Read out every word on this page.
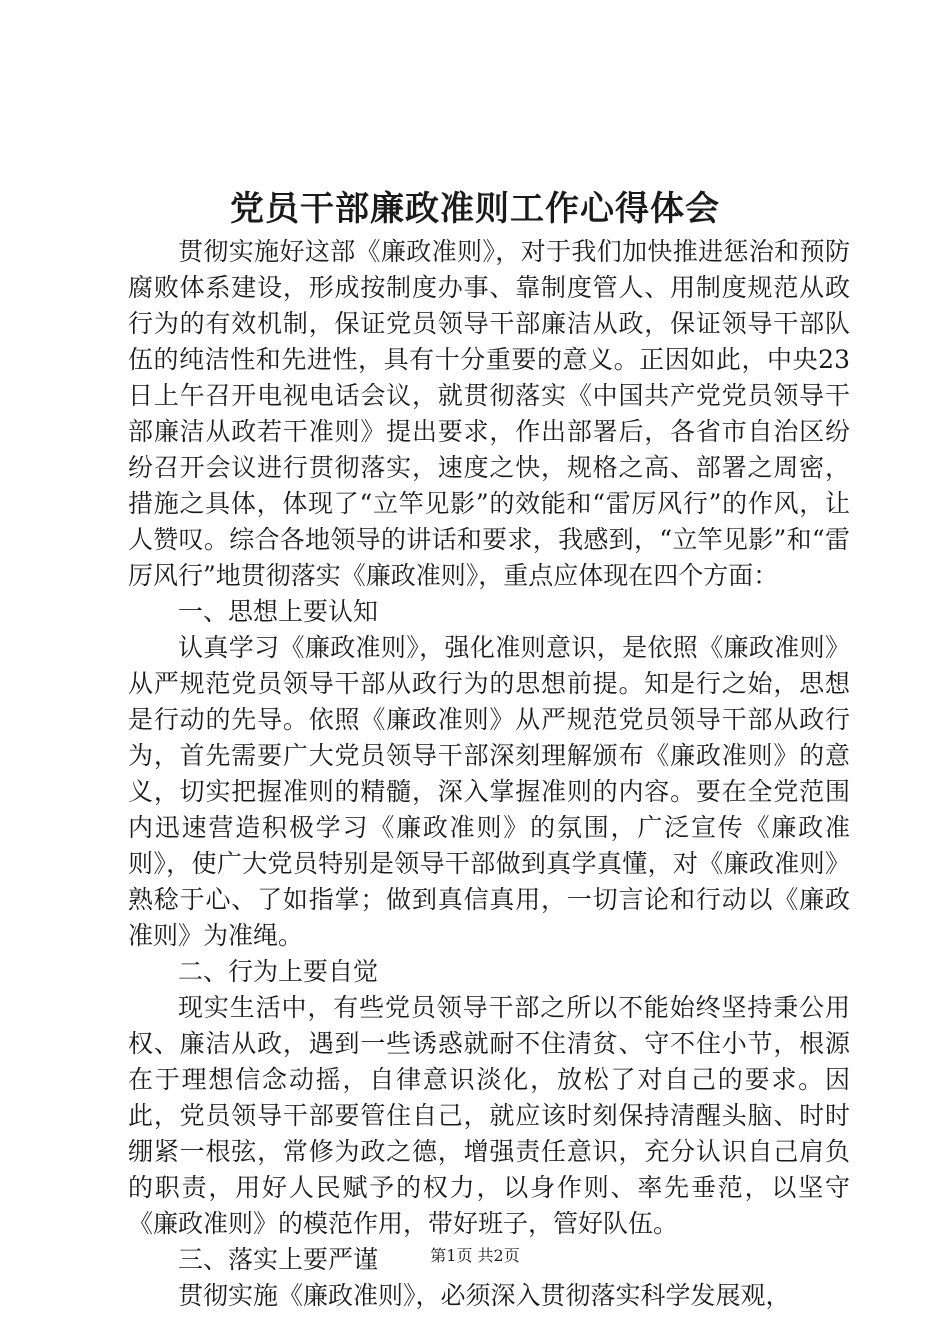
党员干部廉政准则工作心得体会

贯彻实施好这部《廉政准则》，对于我们加快推进惩治和预防腐败体系建设，形成按制度办事、靠制度管人、用制度规范从政行为的有效机制，保证党员领导干部廉洁从政，保证领导干部队伍的纯洁性和先进性，具有十分重要的意义。正因如此，中央23日上午召开电视电话会议，就贯彻落实《中国共产党党员领导干部廉洁从政若干准则》提出要求，作出部署后，各省市自治区纷纷召开会议进行贯彻落实，速度之快，规格之高、部署之周密，措施之具体，体现了“立竿见影”的效能和“雷厉风行”的作风，让人赞叹。综合各地领导的讲话和要求，我感到，“立竿见影”和“雷厉风行”地贯彻落实《廉政准则》，重点应体现在四个方面：

一、思想上要认知

认真学习《廉政准则》，强化准则意识，是依照《廉政准则》从严规范党员领导干部从政行为的思想前提。知是行之始，思想是行动的先导。依照《廉政准则》从严规范党员领导干部从政行为，首先需要广大党员领导干部深刻理解颁布《廉政准则》的意义，切实把握准则的精髓，深入掌握准则的内容。要在全党范围内迅速营造积极学习《廉政准则》的氛围，广泛宣传《廉政准则》，使广大党员特别是领导干部做到真学真懂，对《廉政准则》熟稔于心、了如指掌；做到真信真用，一切言论和行动以《廉政准则》为准绳。

二、行为上要自觉

现实生活中，有些党员领导干部之所以不能始终坚持秉公用权、廉洁从政，遇到一些诱惑就耐不住清贫、守不住小节，根源在于理想信念动摇，自律意识淡化，放松了对自己的要求。因此，党员领导干部要管住自己，就应该时刻保持清醒头脑、时时绷紧一根弦，常修为政之德，增强责任意识，充分认识自己肩负的职责，用好人民赋予的权力，以身作则、率先垂范，以坚守《廉政准则》的模范作用，带好班子，管好队伍。

三、落实上要严谨

贯彻实施《廉政准则》，必须深入贯彻落实科学发展观，

第1页 共2页
